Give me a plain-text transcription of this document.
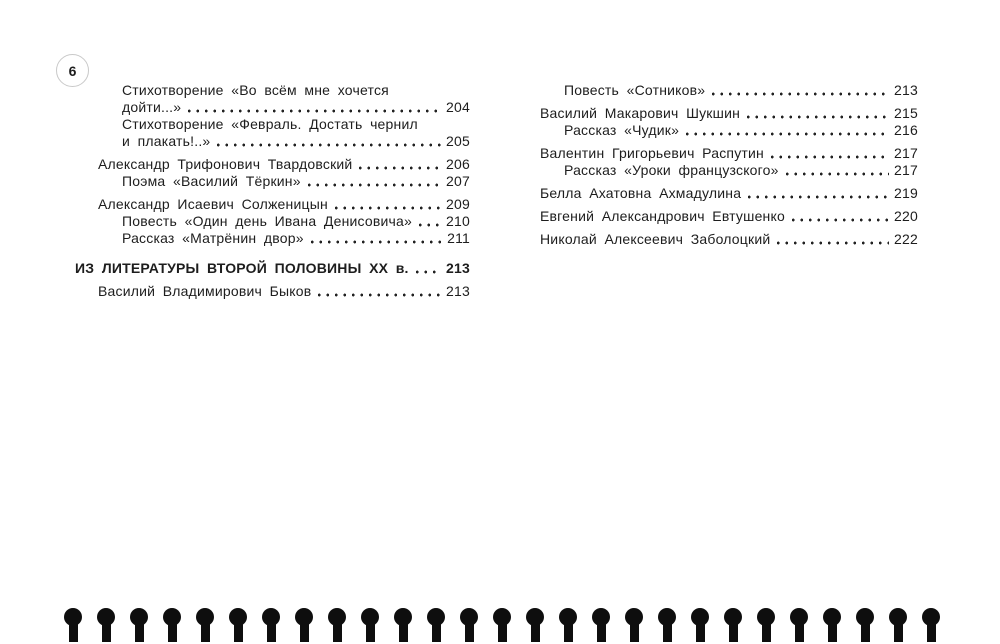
6
Стихотворение «Во всём мне хочется
дойти...»	204
Стихотворение «Февраль. Достать чернил
и плакать!..»	205
Александр Трифонович Твардовский	206
Поэма «Василий Тёркин»	207
Александр Исаевич Солженицын	209
Повесть «Один день Ивана Денисовича» 210
Рассказ «Матрёнин двор»	211
ИЗ ЛИТЕРАТУРЫ ВТОРОЙ ПОЛОВИНЫ XX в.	213
Василий Владимирович Быков	213
Повесть «Сотников»	213
Василий Макарович Шукшин	215
Рассказ «Чудик»	216
Валентин Григорьевич Распутин	217
Рассказ «Уроки французского»	217
Белла Ахатовна Ахмадулина	219
Евгений Александрович Евтушенко	220
Николай Алексеевич Заболоцкий	222
